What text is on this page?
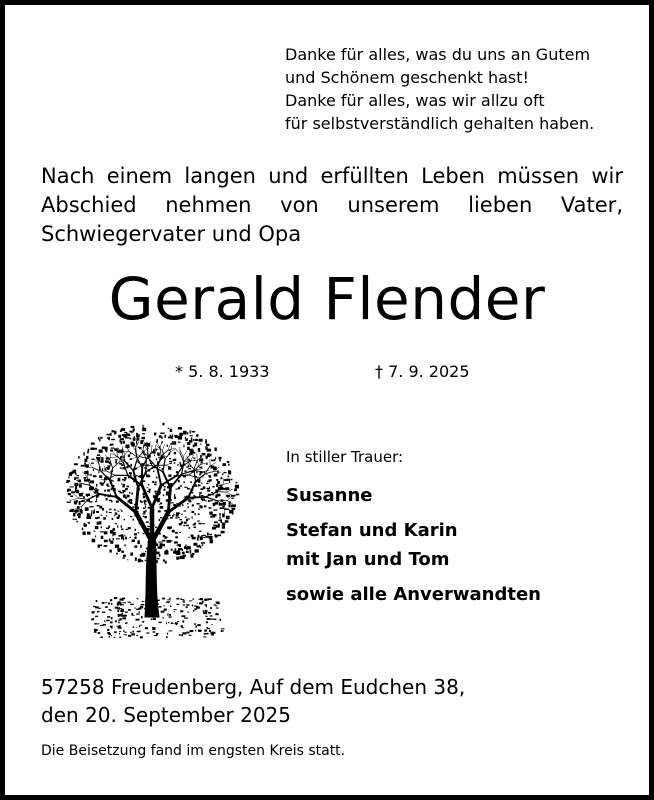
Danke für alles, was du uns an Gutem
und Schönem geschenkt hast!
Danke für alles, was wir allzu oft
für selbstverständlich gehalten haben.
Nach einem langen und erfüllten Leben müssen wir
Abschied nehmen von unserem lieben Vater,
Schwiegervater und Opa
Gerald Flender
* 5. 8. 1933	† 7. 9. 2025
In stiller Trauer:
Susanne
Stefan und Karin
mit Jan und Tom
sowie alle Anverwandten
57258 Freudenberg, Auf dem Eudchen 38,
den 20. September 2025
Die Beisetzung fand im engsten Kreis statt.
